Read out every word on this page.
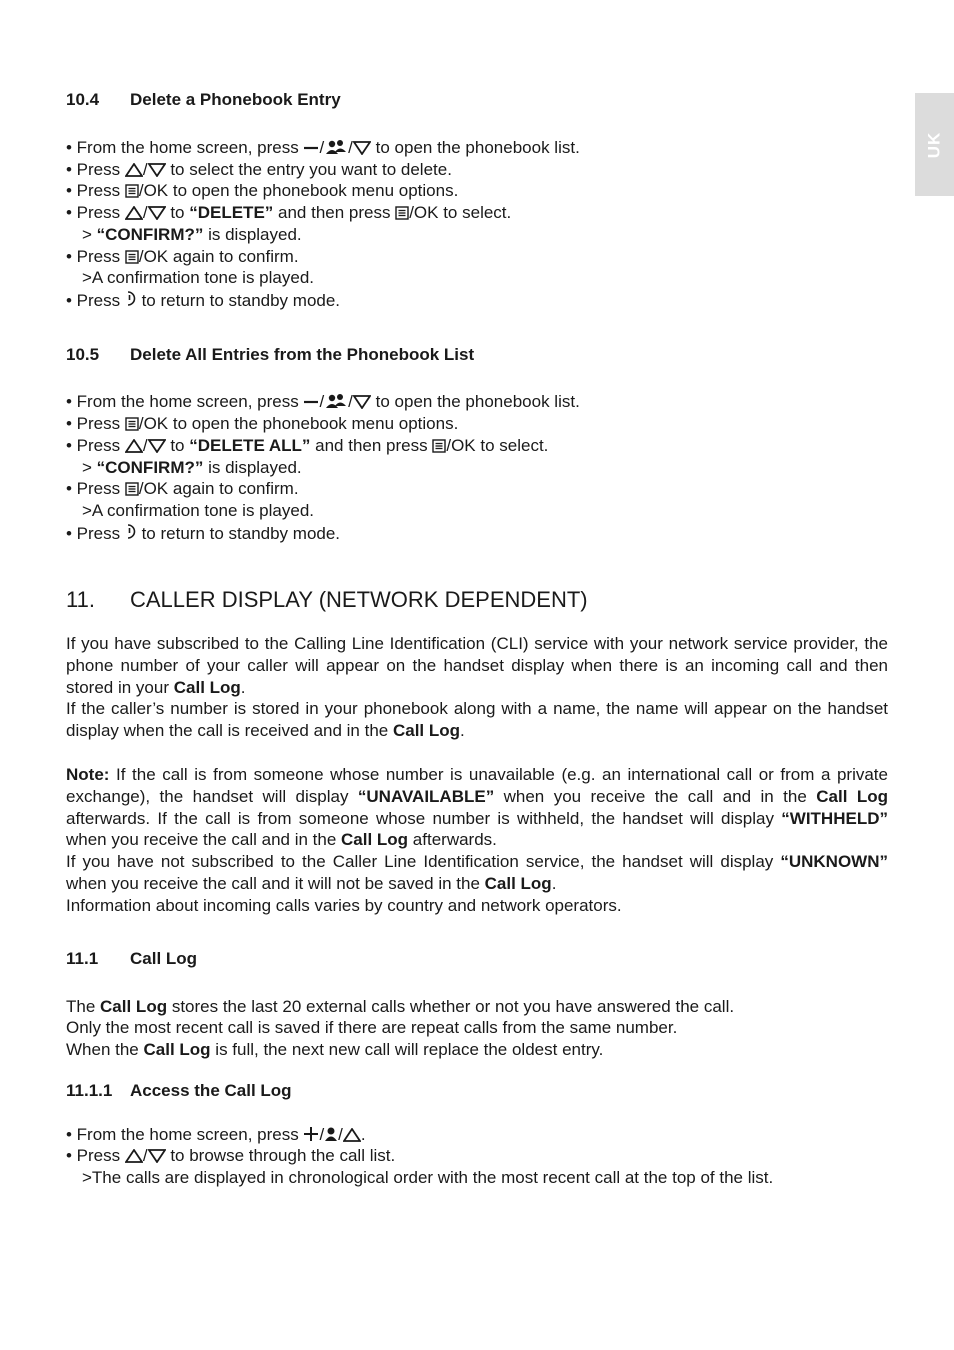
UK
10.4 Delete a Phonebook Entry
• From the home screen, press
/ /
to open the phonebook list.
• Press
/
to select the entry you want to delete.
• Press
/OK to open the phonebook menu options.
• Press
/
to “DELETE” and then press
/OK to select.
> “CONFIRM?” is displayed.
• Press
/OK again to confirm.
>A confirmation tone is played.
• Press
to return to standby mode.
10.5 Delete All Entries from the Phonebook List
• From the home screen, press
/ /
to open the phonebook list.
• Press
/OK to open the phonebook menu options.
• Press
/
to “DELETE ALL” and then press
/OK to select.
> “CONFIRM?” is displayed.
• Press
/OK again to confirm.
>A confirmation tone is played.
• Press
to return to standby mode.
11. CALLER DISPLAY (NETWORK DEPENDENT)
If you have subscribed to the Calling Line Identification (CLI) service with your network service provider, the phone number of your caller will appear on the handset display when there is an incoming call and then stored in your Call Log.
If the caller’s number is stored in your phonebook along with a name, the name will appear on the handset display when the call is received and in the Call Log.
Note: If the call is from someone whose number is unavailable (e.g. an international call or from a private exchange), the handset will display “UNAVAILABLE” when you receive the call and in the Call Log afterwards. If the call is from someone whose number is withheld, the handset will display “WITHHELD” when you receive the call and in the Call Log afterwards.
If you have not subscribed to the Caller Line Identification service, the handset will display “UNKNOWN” when you receive the call and it will not be saved in the Call Log.
Information about incoming calls varies by country and network operators.
11.1 Call Log
The Call Log stores the last 20 external calls whether or not you have answered the call.
Only the most recent call is saved if there are repeat calls from the same number.
When the Call Log is full, the next new call will replace the oldest entry.
11.1.1 Access the Call Log
• From the home screen, press
/ / .
• Press
/
to browse through the call list.
>The calls are displayed in chronological order with the most recent call at the top of the list.
